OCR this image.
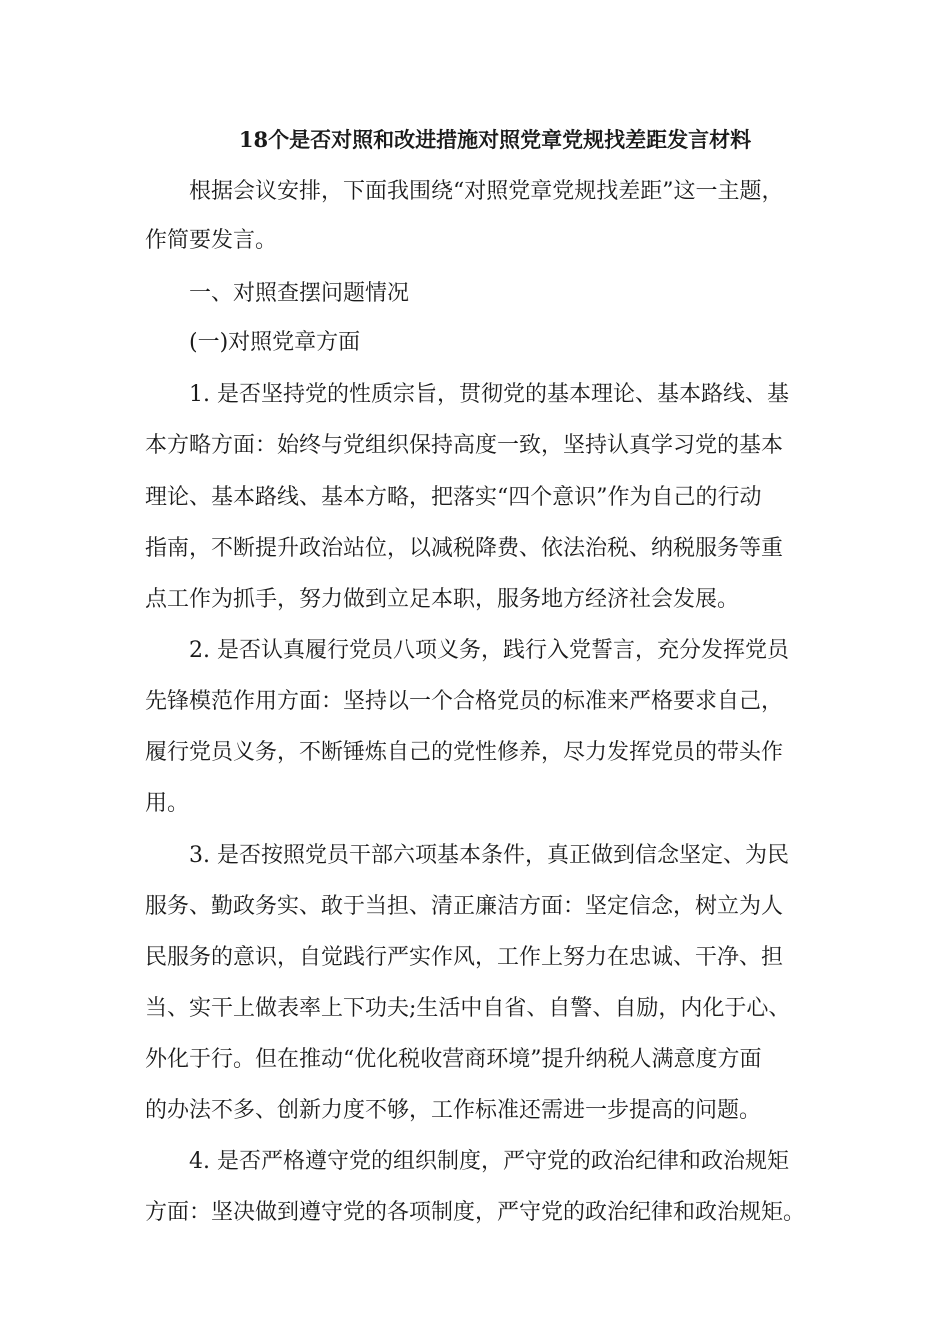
18个是否对照和改进措施对照党章党规找差距发言材料
根据会议安排，下面我围绕“对照党章党规找差距”这一主题，
作简要发言。
一、对照查摆问题情况
(一)对照党章方面
1. 是否坚持党的性质宗旨，贯彻党的基本理论、基本路线、基
本方略方面：始终与党组织保持高度一致，坚持认真学习党的基本
理论、基本路线、基本方略，把落实“四个意识”作为自己的行动
指南，不断提升政治站位，以减税降费、依法治税、纳税服务等重
点工作为抓手，努力做到立足本职，服务地方经济社会发展。
2. 是否认真履行党员八项义务，践行入党誓言，充分发挥党员
先锋模范作用方面：坚持以一个合格党员的标准来严格要求自己，
履行党员义务，不断锤炼自己的党性修养，尽力发挥党员的带头作
用。
3. 是否按照党员干部六项基本条件，真正做到信念坚定、为民
服务、勤政务实、敢于当担、清正廉洁方面：坚定信念，树立为人
民服务的意识，自觉践行严实作风，工作上努力在忠诚、干净、担
当、实干上做表率上下功夫;生活中自省、自警、自励，内化于心、
外化于行。但在推动“优化税收营商环境”提升纳税人满意度方面
的办法不多、创新力度不够，工作标准还需进一步提高的问题。
4. 是否严格遵守党的组织制度，严守党的政治纪律和政治规矩
方面：坚决做到遵守党的各项制度，严守党的政治纪律和政治规矩。
